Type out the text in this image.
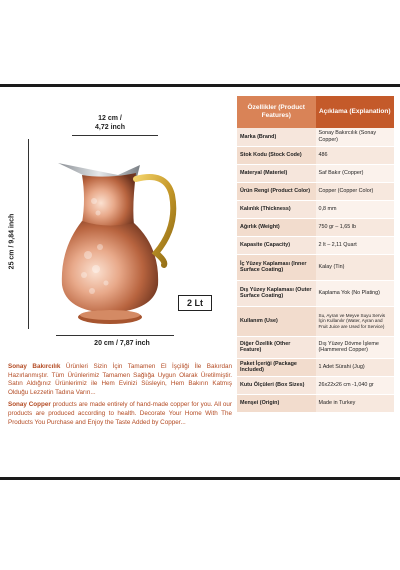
12 cm / 4,72 inch
25 cm / 9,84 inch
2 Lt
20 cm / 7,87 inch

Sonay Bakırcılık Ürünleri Sizin İçin Tamamen El İşçiliği İle Bakırdan Hazırlanmıştır. Tüm Ürünlerimiz Tamamen Sağlığa Uygun Olarak Üretilmiştir. Satın Aldığınız Ürünlerimiz ile Hem Evinizi Süsleyin, Hem Bakırın Katmış Olduğu Lezzetin Tadına Varın...

Sonay Copper products are made entirely of hand-made copper for you. All our products are produced according to health. Decorate Your Home With The Products You Purchase and Enjoy the Taste Added by Copper...

Özellikler (Product Features)	Açıklama (Explanation)
Marka (Brand)	Sonay Bakırcılık (Sonay Copper)
Stok Kodu (Stock Code)	486
Materyal (Materiel)	Saf Bakır (Copper)
Ürün Rengi (Product Color)	Copper (Copper Color)
Kalınlık (Thickness)	0,8 mm
Ağırlık (Weight)	750 gr – 1,65 lb
Kapasite (Capacity)	2 lt – 2,11 Quart
İç Yüzey Kaplaması (Inner Surface Coating)	Kalay (Tin)
Dış Yüzey Kaplaması (Outer Surface Coating)	Kaplama Yok (No Plating)
Kullanım (Use)	Su, Ayran ve Meyve Suyu Servis İçin Kullanılır (Water, Ayran and Fruit Juice are Used for Service)
Diğer Özellik (Other Feature)	Dış Yüzey Dövme İşleme (Hammered Copper)
Paket İçeriği (Package Included)	1 Adet Sürahi (Jug)
Kutu Ölçüleri (Box Sizes)	26x22x26 cm -1,040 gr
Menşei (Origin)	Made in Turkey
